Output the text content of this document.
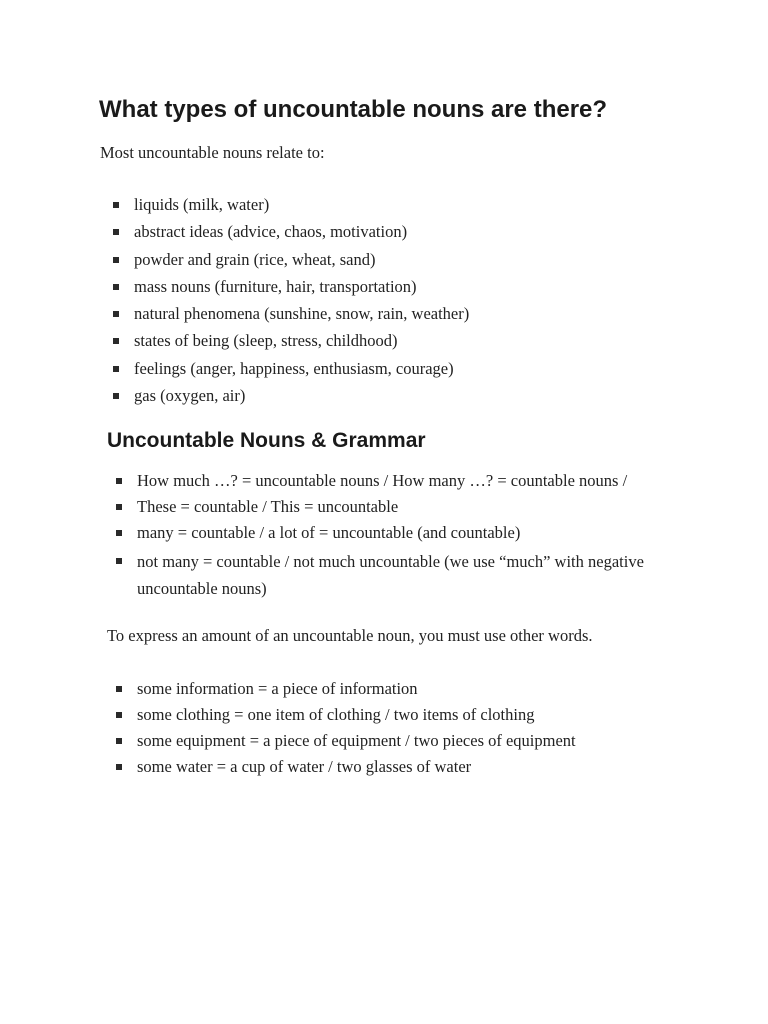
What types of uncountable nouns are there?

Most uncountable nouns relate to:

liquids (milk, water)
abstract ideas (advice, chaos, motivation)
powder and grain (rice, wheat, sand)
mass nouns (furniture, hair, transportation)
natural phenomena (sunshine, snow, rain, weather)
states of being (sleep, stress, childhood)
feelings (anger, happiness, enthusiasm, courage)
gas (oxygen, air)
Uncountable Nouns & Grammar
How much …? = uncountable nouns / How many …? = countable nouns /
These = countable / This = uncountable
many = countable / a lot of = uncountable (and countable)
not many = countable / not much uncountable (we use “much” with negative uncountable nouns)

To express an amount of an uncountable noun, you must use other words.

some information = a piece of information
some clothing = one item of clothing / two items of clothing
some equipment = a piece of equipment / two pieces of equipment
some water = a cup of water / two glasses of water
